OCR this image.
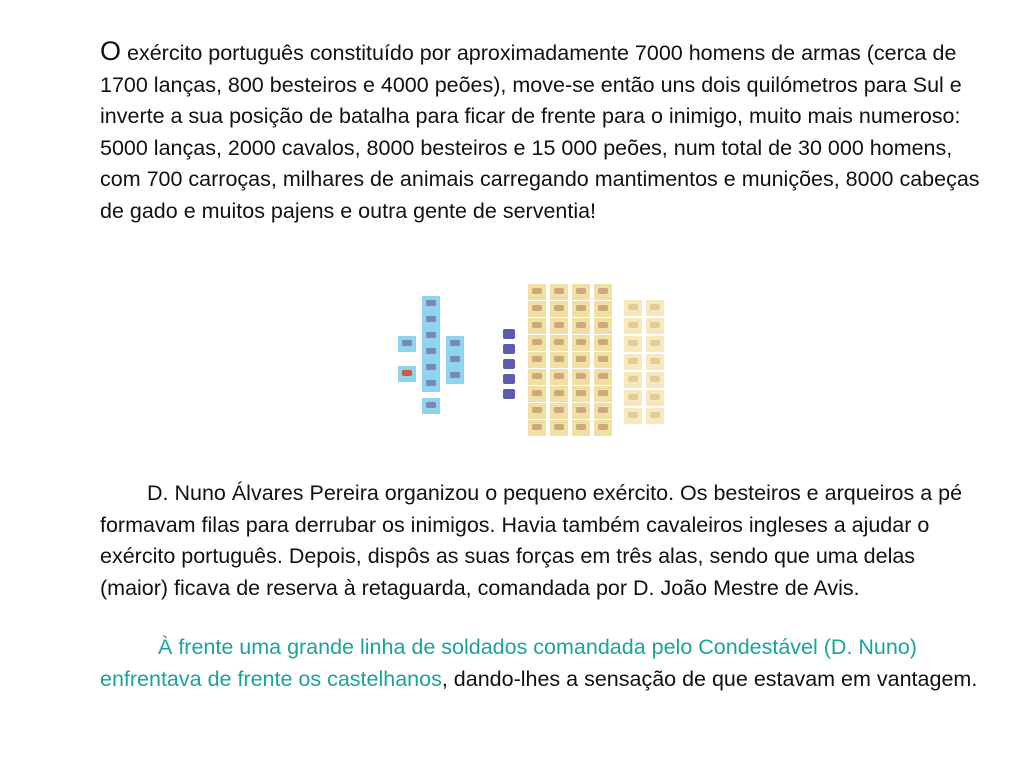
O exército português constituído por aproximadamente 7000 homens de armas (cerca de 1700 lanças, 800 besteiros e 4000 peões), move-se então uns dois quilómetros para Sul e inverte a sua posição de batalha para ficar de frente para o inimigo, muito mais numeroso: 5000 lanças, 2000 cavalos, 8000 besteiros e 15 000 peões, num total de 30 000 homens, com 700 carroças, milhares de animais carregando mantimentos e munições, 8000 cabeças de gado e muitos pajens e outra gente de serventia!

D. Nuno Álvares Pereira organizou o pequeno exército. Os besteiros e arqueiros a pé formavam filas para derrubar os inimigos. Havia também cavaleiros ingleses a ajudar o exército português. Depois, dispôs as suas forças em três alas, sendo que uma delas (maior) ficava de reserva à retaguarda, comandada por D. João Mestre de Avis.

À frente uma grande linha de soldados comandada pelo Condestável (D. Nuno) enfrentava de frente os castelhanos, dando-lhes a sensação de que estavam em vantagem.
